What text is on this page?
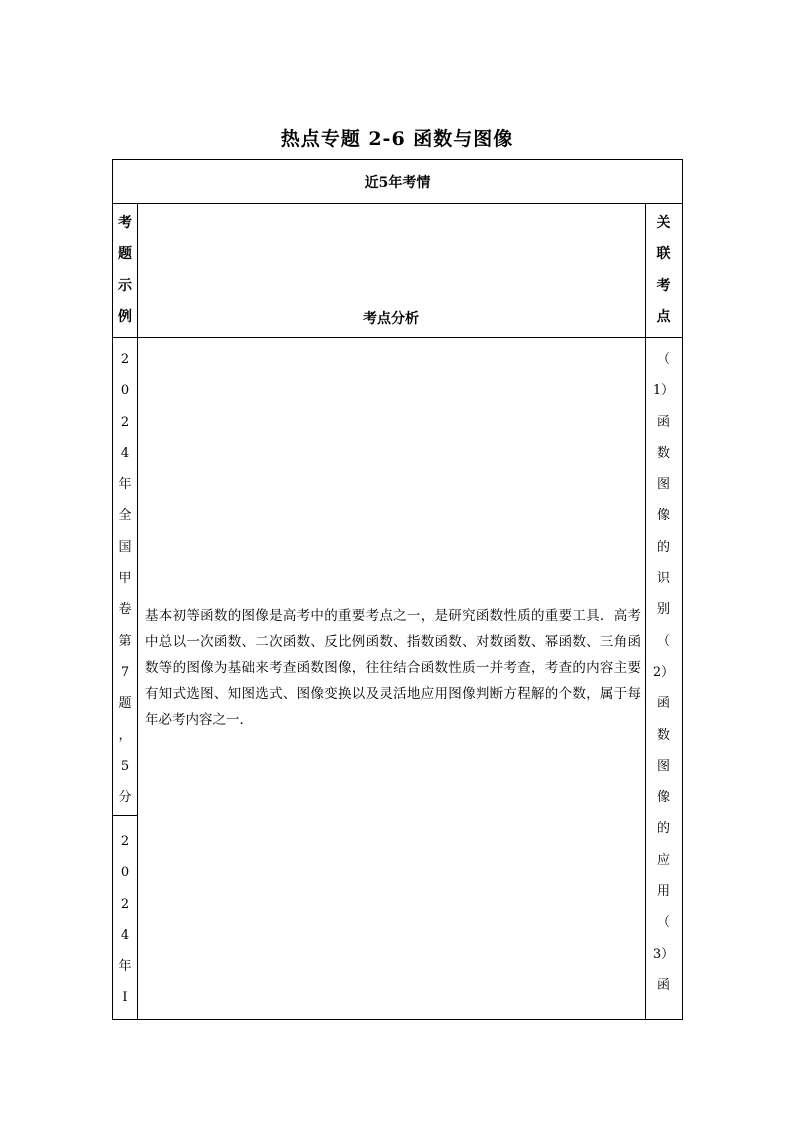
热点专题 2-6 函数与图像
近5年考情
考
题
示
例	考点分析
关
联
考
点
2
0
2
4
年
全
国
甲
卷
第
7
题
，
5
分
2
0
2
4
年
I
基本初等函数的图像是高考中的重要考点之一，是研究函数性质的重要工具．高考中总以一次函数、二次函数、反比例函数、指数函数、对数函数、幂函数、三角函数等的图像为基础来考查函数图像，往往结合函数性质一并考查，考查的内容主要有知式选图、知图选式、图像变换以及灵活地应用图像判断方程解的个数，属于每年必考内容之一．
（
1）
函
数
图
像
的
识
别
（
2）
函
数
图
像
的
应
用
（
3）
函
